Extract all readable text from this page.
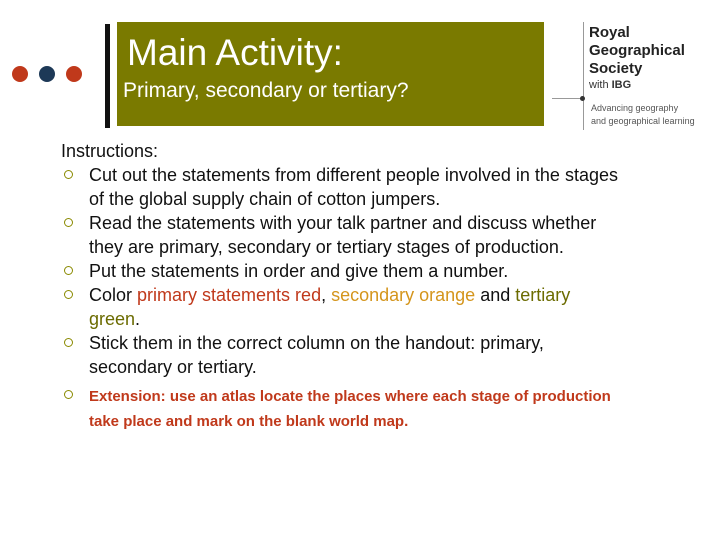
Main Activity:
Primary, secondary or tertiary?
Royal
Geographical
Society
with IBG
Advancing geography
and geographical learning

Instructions:

Cut out the statements from different people involved in the stages of the global supply chain of cotton jumpers.
Read the statements with your talk partner and discuss whether they are primary, secondary or tertiary stages of production.
Put the statements in order and give them a number.
Color primary statements red, secondary orange and tertiary green.
Stick them in the correct column on the handout: primary, secondary or tertiary.
Extension: use an atlas locate the places where each stage of production take place and mark on the blank world map.
